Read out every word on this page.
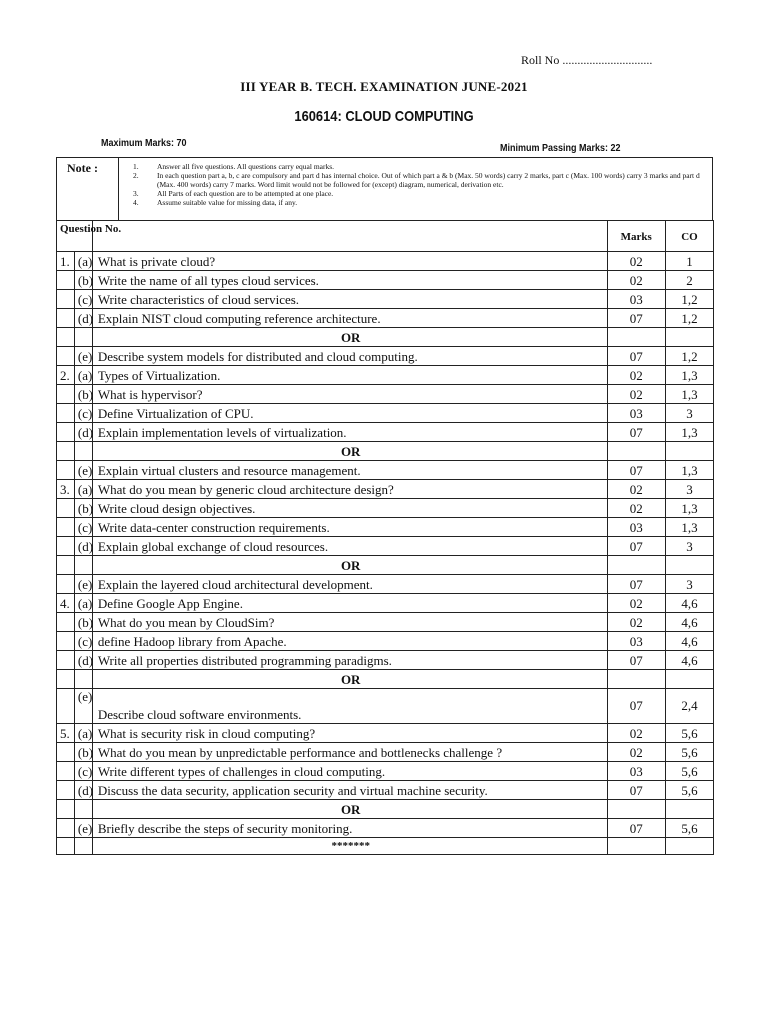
Roll No ..............................
III YEAR B. TECH. EXAMINATION JUNE-2021
160614: CLOUD COMPUTING
Maximum Marks: 70	Minimum Passing Marks: 22
Note :	1. Answer all five questions. All questions carry equal marks.
2. In each question part a, b, c are compulsory and part d has internal choice. Out of which part a & b (Max. 50 words) carry 2 marks, part c (Max. 100 words) carry 3 marks and part d (Max. 400 words) carry 7 marks. Word limit would not be followed for (except) diagram, numerical, derivation etc.
3. All Parts of each question are to be attempted at one place.
4. Assume suitable value for missing data, if any.
Question No.			Marks	CO
1.	(a)	What is private cloud?	02	1
	(b)	Write the name of all types cloud services.	02	2
	(c)	Write characteristics of cloud services.	03	1,2
	(d)	Explain NIST cloud computing reference architecture.	07	1,2
		OR		
	(e)	Describe system models for distributed and cloud computing.	07	1,2
2.	(a)	Types of Virtualization.	02	1,3
	(b)	What is hypervisor?	02	1,3
	(c)	Define Virtualization of CPU.	03	3
	(d)	Explain implementation levels of virtualization.	07	1,3
		OR		
	(e)	Explain virtual clusters and resource management.	07	1,3
3.	(a)	What do you mean by generic cloud architecture design?	02	3
	(b)	Write cloud design objectives.	02	1,3
	(c)	Write data-center construction requirements.	03	1,3
	(d)	Explain global exchange of cloud resources.	07	3
		OR		
	(e)	Explain the layered cloud architectural development.	07	3
4.	(a)	Define Google App Engine.	02	4,6
	(b)	What do you mean by CloudSim?	02	4,6
	(c)	define Hadoop library from Apache.	03	4,6
	(d)	Write all properties distributed programming paradigms.	07	4,6
		OR		
	(e)	Describe cloud software environments.	07	2,4
5.	(a)	What is security risk in cloud computing?	02	5,6
	(b)	What do you mean by unpredictable performance and bottlenecks challenge ?	02	5,6
	(c)	Write different types of challenges in cloud computing.	03	5,6
	(d)	Discuss the data security, application security and virtual machine security.	07	5,6
		OR		
	(e)	Briefly describe the steps of security monitoring.	07	5,6
		*******		
